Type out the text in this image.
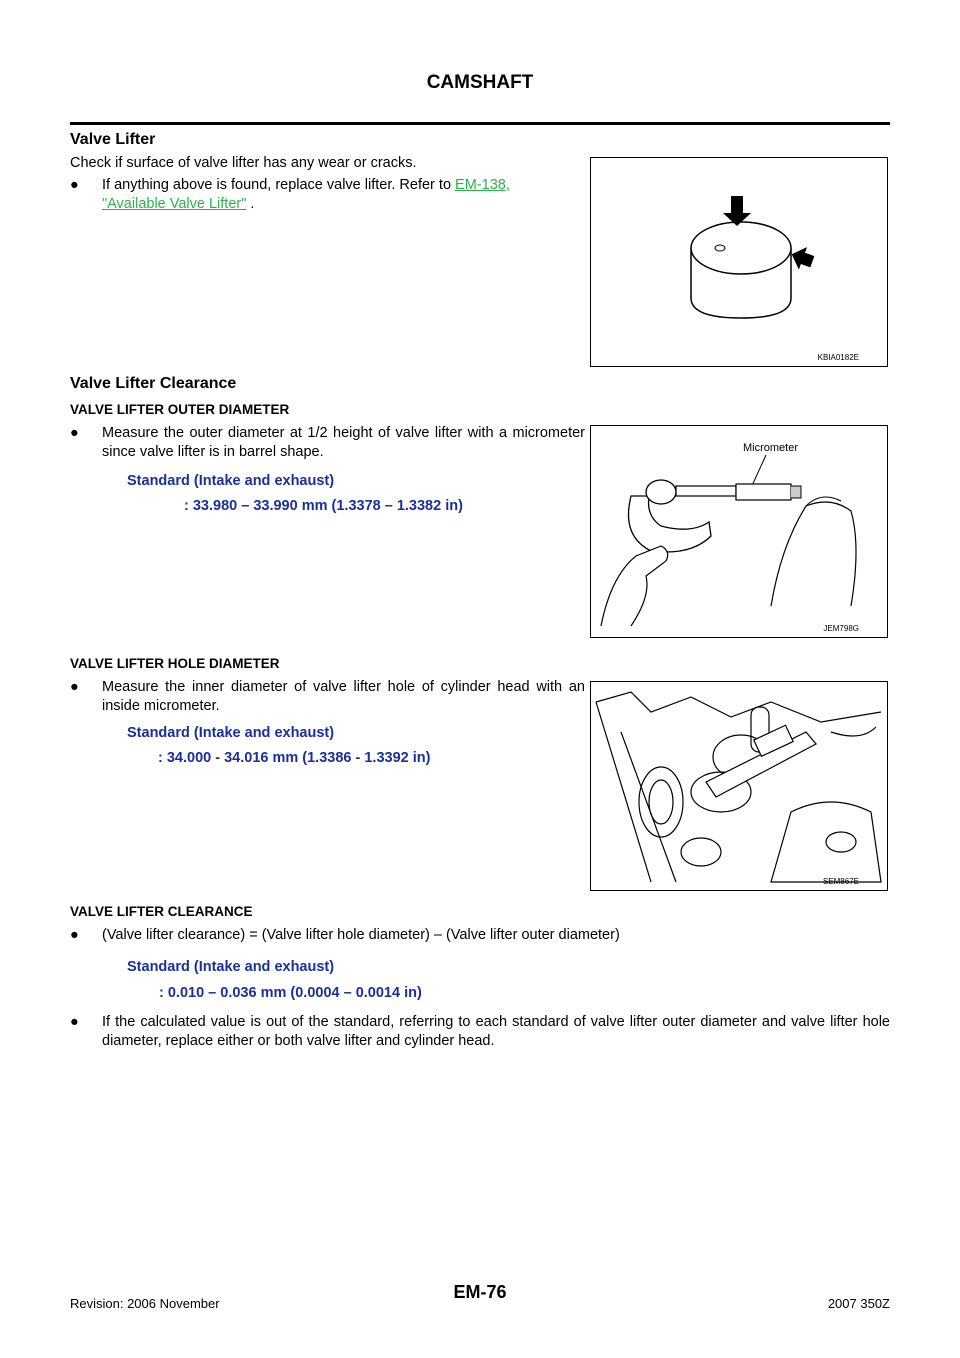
CAMSHAFT
Valve Lifter
Check if surface of valve lifter has any wear or cracks.
● If anything above is found, replace valve lifter. Refer to EM-138,
"Available Valve Lifter" .
KBIA0182E
Valve Lifter Clearance
VALVE LIFTER OUTER DIAMETER
● Measure the outer diameter at 1/2 height of valve lifter with a micrometer since valve lifter is in barrel shape.
Standard (Intake and exhaust)
: 33.980 – 33.990 mm (1.3378 – 1.3382 in)
Micrometer
JEM798G
VALVE LIFTER HOLE DIAMETER
● Measure the inner diameter of valve lifter hole of cylinder head with an inside micrometer.
Standard (Intake and exhaust)
: 34.000 - 34.016 mm (1.3386 - 1.3392 in)
SEM867E
VALVE LIFTER CLEARANCE
● (Valve lifter clearance) = (Valve lifter hole diameter) – (Valve lifter outer diameter)
Standard (Intake and exhaust)
: 0.010 – 0.036 mm (0.0004 – 0.0014 in)
● If the calculated value is out of the standard, referring to each standard of valve lifter outer diameter and valve lifter hole diameter, replace either or both valve lifter and cylinder head.
Revision: 2006 November
EM-76
2007 350Z
